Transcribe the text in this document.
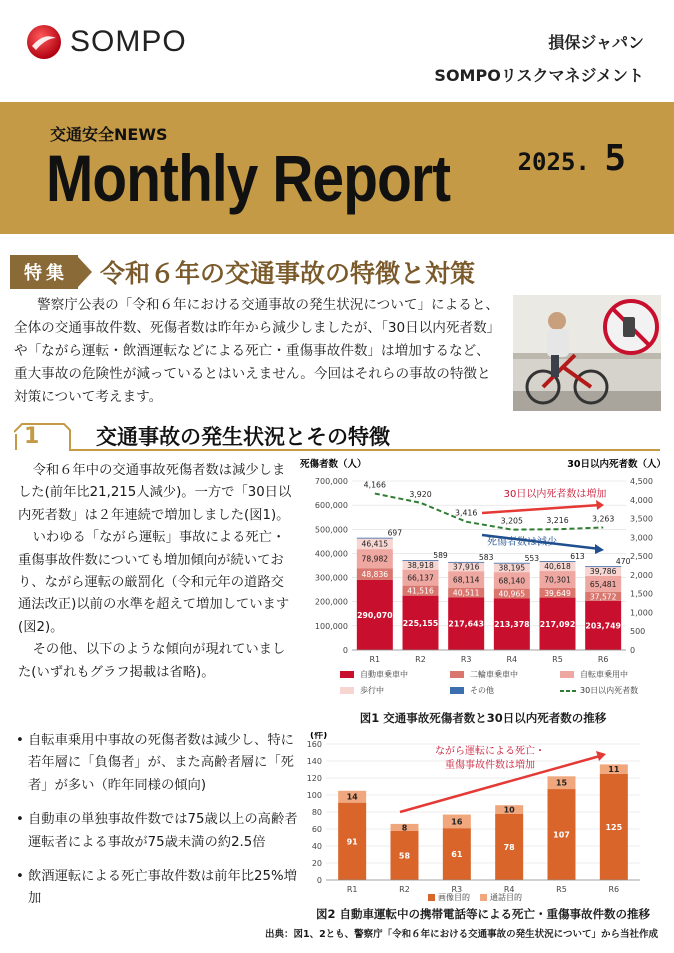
SOMPO	損保ジャパン
SOMPOリスクマネジメント
交通安全NEWS
Monthly Report	2025. 5
特集	令和６年の交通事故の特徴と対策

警察庁公表の「令和６年における交通事故の発生状況について」によると、全体の交通事故件数、死傷者数は昨年から減少しましたが、「30日以内死者数」や「ながら運転・飲酒運転などによる死亡・重傷事故件数」は増加するなど、重大事故の危険性が減っているとはいえません。今回はそれらの事故の特徴と対策について考えます。

1	交通事故の発生状況とその特徴

令和６年中の交通事故死傷者数は減少しました(前年比21,215人減少)。一方で「30日以内死者数」は２年連続で増加しました(図1)。

いわゆる「ながら運転」事故による死亡・重傷事故件数についても増加傾向が続いており、ながら運転の厳罰化（令和元年の道路交通法改正)以前の水準を超えて増加しています(図2)。

その他、以下のような傾向が現れていました(いずれもグラフ掲載は省略)。

• 自転車乗用中事故の死傷者数は減少し、特に若年層に「負傷者」が、また高齢者層に「死者」が多い（昨年同様の傾向)
• 自動車の単独事故件数では75歳以上の高齢者運転者による事故が75歳未満の約2.5倍
• 飲酒運転による死亡事故件数は前年比25%増加
死傷者数（人）	30日以内死者数（人）
0
100,000
200,000
300,000
400,000
500,000
600,000
700,000
0
500
1,000
1,500
2,000
2,500
3,000
3,500
4,000
4,500
290,070
48,836
78,982
46,415
697
R1
225,155
41,516
66,137
38,918
589
R2
217,643
40,511
68,114
37,916
583
R3
213,378
40,965
68,140
38,195
553
R4
217,092
39,649
70,301
40,618
613
R5
203,749
37,572
65,481
39,786
470
R6
4,166
3,920
3,416
3,205	3,216	3,263
30日以内死者数は増加
死傷者数は減少
自動車乗車中	二輪車乗車中	自転車乗用中
歩行中	その他	30日以内死者数
図1 交通事故死傷者数と30日以内死者数の推移
(件)
0
20
40
60
80
100
120
140
160
91
14
R1
58
8
R2
61
16
R3
78
10
R4
107
15
R5
125
11
R6
ながら運転による死亡・
重傷事故件数は増加
画像目的	通話目的
図2 自動車運転中の携帯電話等による死亡・重傷事故件数の推移
出典：図1、2とも、警察庁「令和６年における交通事故の発生状況について」から当社作成
